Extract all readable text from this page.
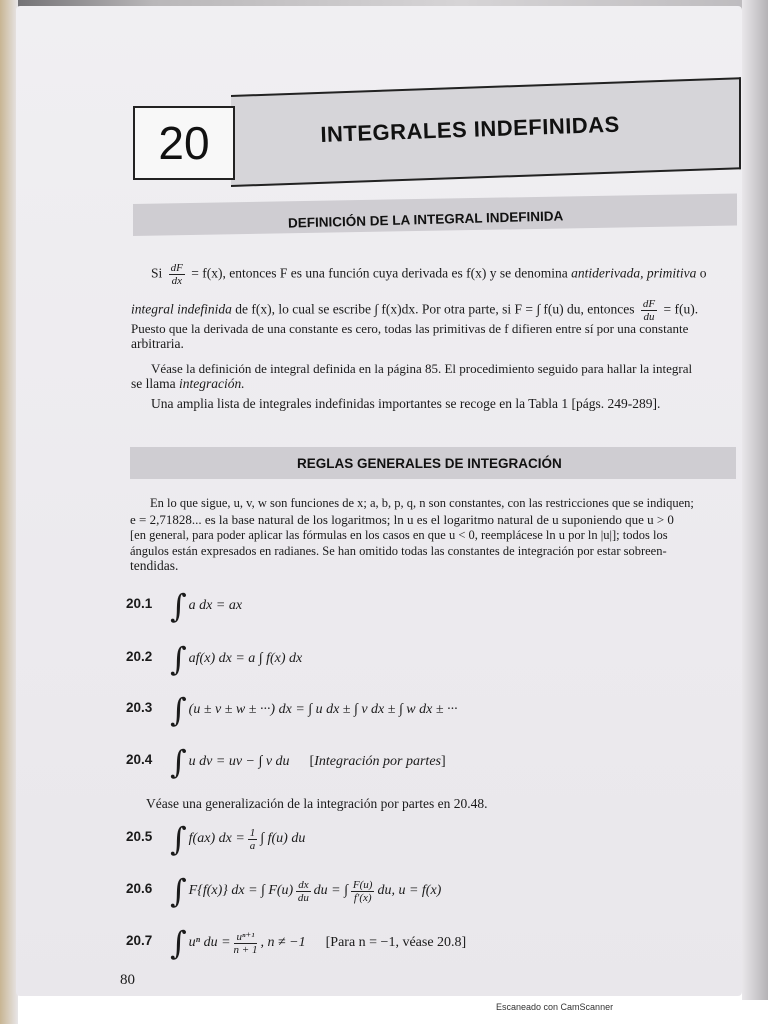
20	INTEGRALES INDEFINIDAS
DEFINICIÓN DE LA INTEGRAL INDEFINIDA
Si $\frac{dF}{dx} = f(x)$, entonces F es una función cuya derivada es f(x) y se denomina antiderivada, primitiva o
integral indefinida de f(x), lo cual se escribe ∫ f(x)dx. Por otra parte, si F = ∫ f(u) du, entonces $\frac{dF}{du} = f(u)$.
Puesto que la derivada de una constante es cero, todas las primitivas de f difieren entre sí por una constante
arbitraria.
Véase la definición de integral definida en la página 85. El procedimiento seguido para hallar la integral
se llama integración.
Una amplia lista de integrales indefinidas importantes se recoge en la Tabla 1 [págs. 249-289].
REGLAS GENERALES DE INTEGRACIÓN
En lo que sigue, u, v, w son funciones de x; a, b, p, q, n son constantes, con las restricciones que se indiquen;
e = 2,71828... es la base natural de los logaritmos; ln u es el logaritmo natural de u suponiendo que u > 0
[en general, para poder aplicar las fórmulas en los casos en que u < 0, reemplácese ln u por ln |u|]; todos los
ángulos están expresados en radianes. Se han omitido todas las constantes de integración por estar sobreen-
tendidas.
20.1 ∫ a dx = ax
20.2 ∫ af(x) dx = a ∫ f(x) dx
20.3 ∫ (u ± v ± w ± ···) dx = ∫ u dx ± ∫ v dx ± ∫ w dx ± ···
20.4 ∫ u dv = uv − ∫ v du [Integración por partes]
Véase una generalización de la integración por partes en 20.48.
20.5 ∫ f(ax) dx = $\frac{1}{a}$ ∫ f(u) du
20.6 ∫ F{f(x)} dx = ∫ $F(u) \frac{dx}{du}$ du = ∫ $\frac{F(u)}{f'(x)}$ du, u = f(x)
20.7 ∫ uⁿ du = $\frac{\text{uⁿ⁺¹}}{n + 1}$ , n ≠ −1 [Para n = −1, véase 20.8]
80
Escaneado con CamScanner
